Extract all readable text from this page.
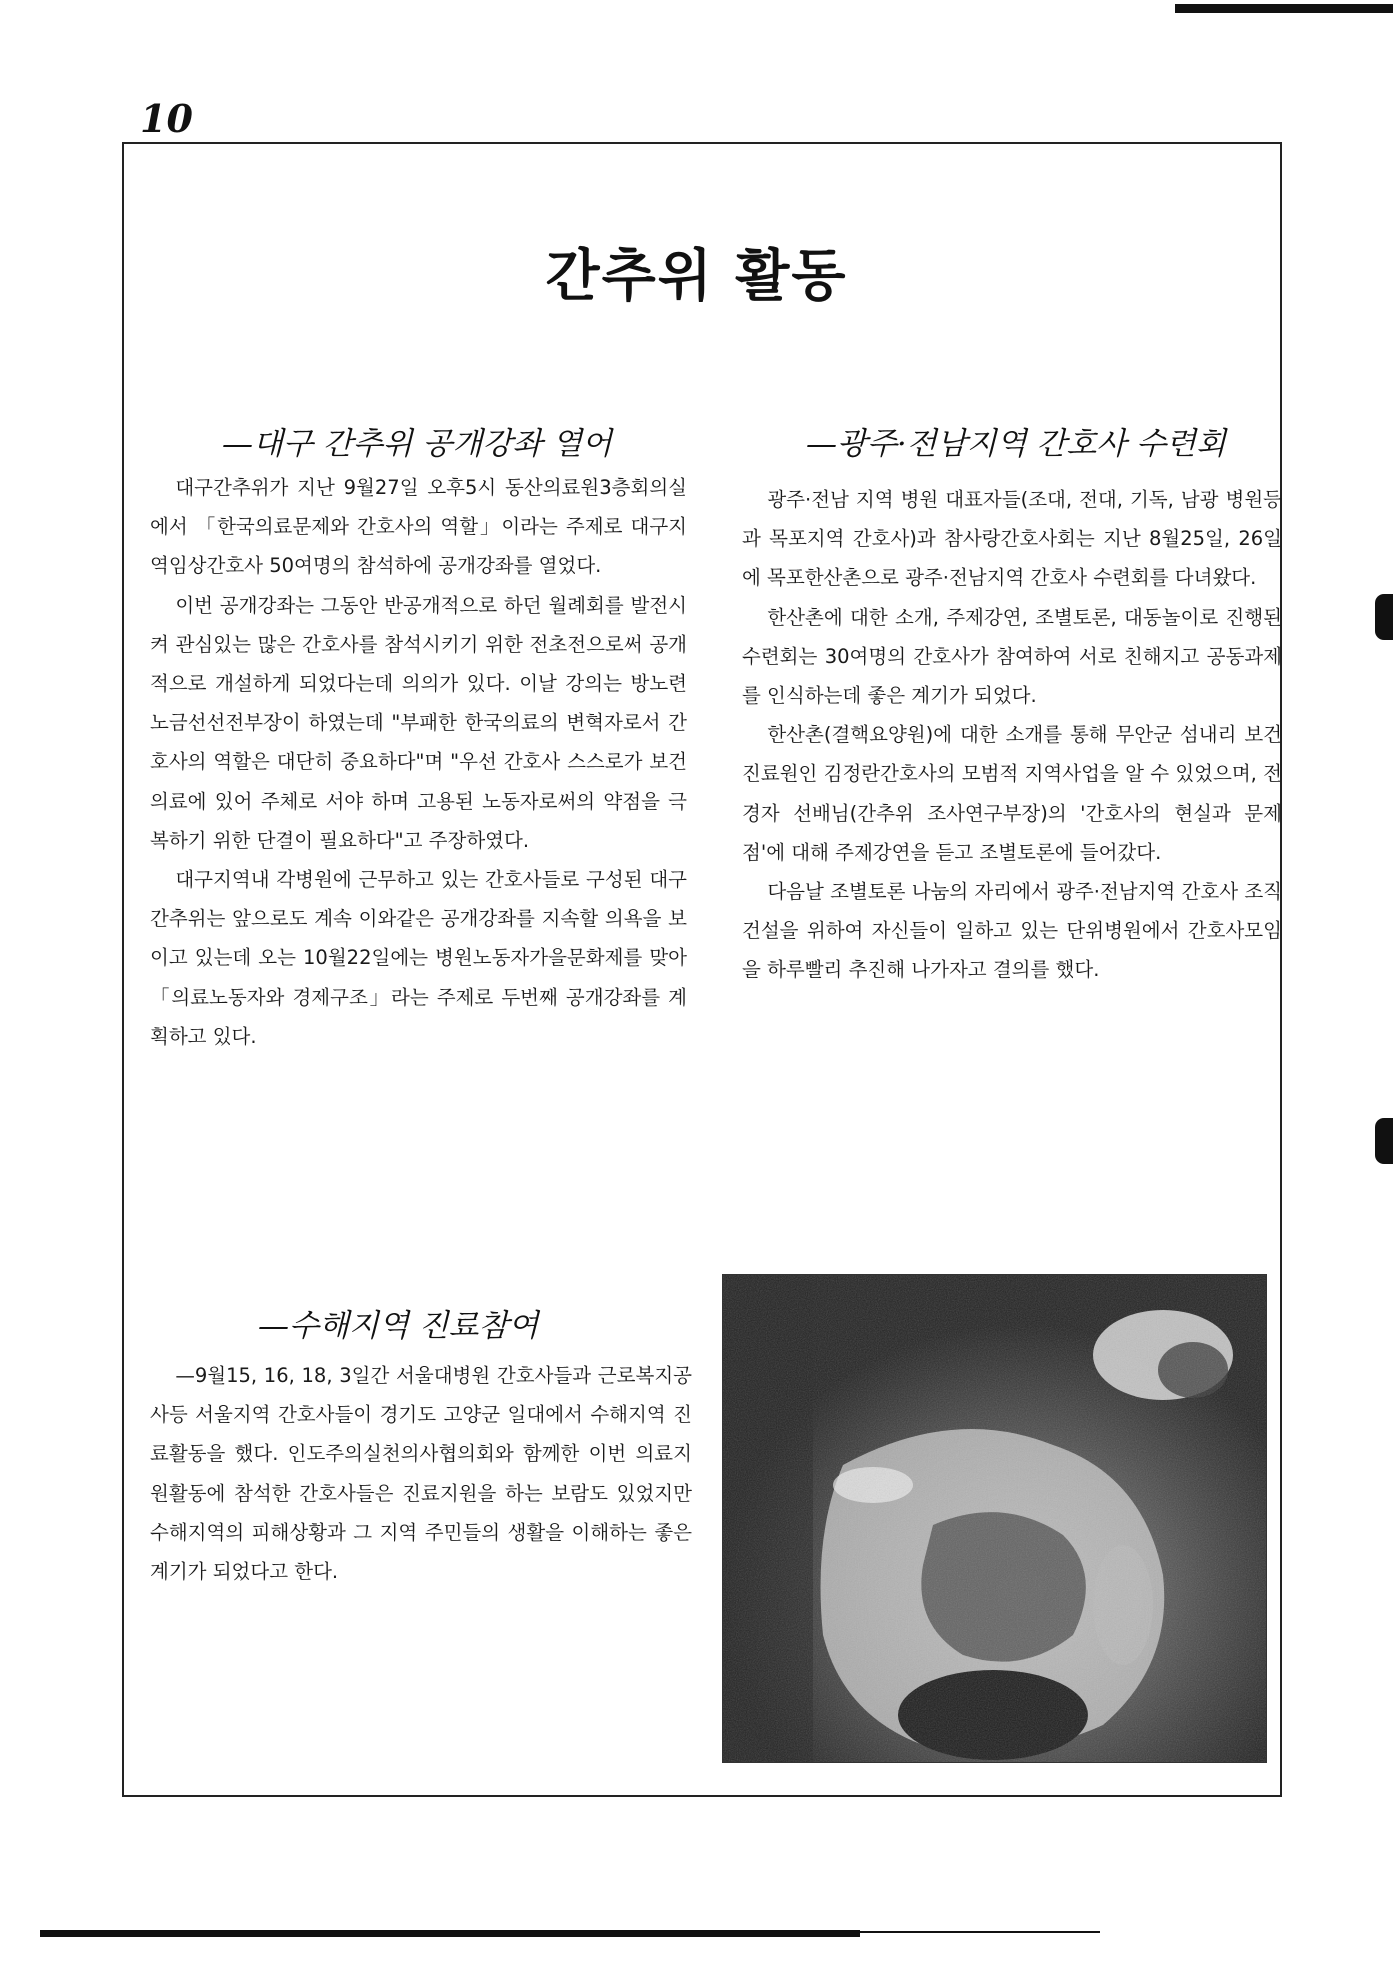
10
간추위 활동
—대구 간추위 공개강좌 열어

대구간추위가 지난 9월27일 오후5시 동산의료원3층회의실에서 「한국의료문제와 간호사의 역할」이라는 주제로 대구지역임상간호사 50여명의 참석하에 공개강좌를 열었다.

이번 공개강좌는 그동안 반공개적으로 하던 월례회를 발전시켜 관심있는 많은 간호사를 참석시키기 위한 전초전으로써 공개적으로 개설하게 되었다는데 의의가 있다. 이날 강의는 방노련 노금선선전부장이 하였는데 "부패한 한국의료의 변혁자로서 간호사의 역할은 대단히 중요하다"며 "우선 간호사 스스로가 보건의료에 있어 주체로 서야 하며 고용된 노동자로써의 약점을 극복하기 위한 단결이 필요하다"고 주장하였다.

대구지역내 각병원에 근무하고 있는 간호사들로 구성된 대구간추위는 앞으로도 계속 이와같은 공개강좌를 지속할 의욕을 보이고 있는데 오는 10월22일에는 병원노동자가을문화제를 맞아「의료노동자와 경제구조」라는 주제로 두번째 공개강좌를 계획하고 있다.

—광주·전남지역 간호사 수련회

광주·전남 지역 병원 대표자들(조대, 전대, 기독, 남광 병원등과 목포지역 간호사)과 참사랑간호사회는 지난 8월25일, 26일에 목포한산촌으로 광주·전남지역 간호사 수련회를 다녀왔다.

한산촌에 대한 소개, 주제강연, 조별토론, 대동놀이로 진행된 수련회는 30여명의 간호사가 참여하여 서로 친해지고 공동과제를 인식하는데 좋은 계기가 되었다.

한산촌(결핵요양원)에 대한 소개를 통해 무안군 섬내리 보건진료원인 김정란간호사의 모범적 지역사업을 알 수 있었으며, 전경자 선배님(간추위 조사연구부장)의 '간호사의 현실과 문제점'에 대해 주제강연을 듣고 조별토론에 들어갔다.

다음날 조별토론 나눔의 자리에서 광주·전남지역 간호사 조직건설을 위하여 자신들이 일하고 있는 단위병원에서 간호사모임을 하루빨리 추진해 나가자고 결의를 했다.

—수해지역 진료참여

—9월15, 16, 18, 3일간 서울대병원 간호사들과 근로복지공사등 서울지역 간호사들이 경기도 고양군 일대에서 수해지역 진료활동을 했다. 인도주의실천의사협의회와 함께한 이번 의료지원활동에 참석한 간호사들은 진료지원을 하는 보람도 있었지만 수해지역의 피해상황과 그 지역 주민들의 생활을 이해하는 좋은 계기가 되었다고 한다.
